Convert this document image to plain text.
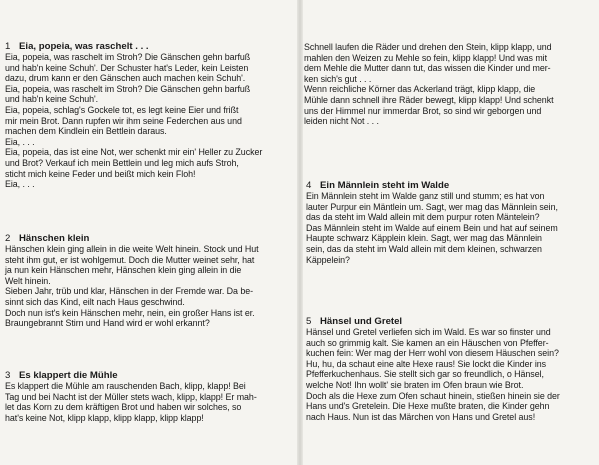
1 Eia, popeia, was raschelt . . .
Eia, popeia, was raschelt im Stroh? Die Gänschen gehn barfuß
und hab'n keine Schuh'. Der Schuster hat's Leder, kein Leisten
dazu, drum kann er den Gänschen auch machen kein Schuh'.
Eia, popeia, was raschelt im Stroh? Die Gänschen gehn barfuß
und hab'n keine Schuh'.
Eia, popeia, schlag's Gockele tot, es legt keine Eier und frißt
mir mein Brot. Dann rupfen wir ihm seine Federchen aus und
machen dem Kindlein ein Bettlein daraus.
Eia, . . .
Eia, popeia, das ist eine Not, wer schenkt mir ein' Heller zu Zucker
und Brot? Verkauf ich mein Bettlein und leg mich aufs Stroh,
sticht mich keine Feder und beißt mich kein Floh!
Eia, . . .
2 Hänschen klein
Hänschen klein ging allein in die weite Welt hinein. Stock und Hut
steht ihm gut, er ist wohlgemut. Doch die Mutter weinet sehr, hat
ja nun kein Hänschen mehr, Hänschen klein ging allein in die
Welt hinein.
Sieben Jahr, trüb und klar, Hänschen in der Fremde war. Da be-
sinnt sich das Kind, eilt nach Haus geschwind.
Doch nun ist's kein Hänschen mehr, nein, ein großer Hans ist er.
Braungebrannt Stirn und Hand wird er wohl erkannt?
3 Es klappert die Mühle
Es klappert die Mühle am rauschenden Bach, klipp, klapp! Bei
Tag und bei Nacht ist der Müller stets wach, klipp, klapp! Er mah-
let das Korn zu dem kräftigen Brot und haben wir solches, so
hat's keine Not, klipp klapp, klipp klapp, klipp klapp!
Schnell laufen die Räder und drehen den Stein, klipp klapp, und
mahlen den Weizen zu Mehle so fein, klipp klapp! Und was mit
dem Mehle die Mutter dann tut, das wissen die Kinder und mer-
ken sich's gut . . .
Wenn reichliche Körner das Ackerland trägt, klipp klapp, die
Mühle dann schnell ihre Räder bewegt, klipp klapp! Und schenkt
uns der Himmel nur immerdar Brot, so sind wir geborgen und
leiden nicht Not . . .
4 Ein Männlein steht im Walde
Ein Männlein steht im Walde ganz still und stumm; es hat von
lauter Purpur ein Mäntlein um. Sagt, wer mag das Männlein sein,
das da steht im Wald allein mit dem purpur roten Mäntelein?
Das Männlein steht im Walde auf einem Bein und hat auf seinem
Haupte schwarz Käpplein klein. Sagt, wer mag das Männlein
sein, das da steht im Wald allein mit dem kleinen, schwarzen
Käppelein?
5 Hänsel und Gretel
Hänsel und Gretel verliefen sich im Wald. Es war so finster und
auch so grimmig kalt. Sie kamen an ein Häuschen von Pfeffer-
kuchen fein: Wer mag der Herr wohl von diesem Häuschen sein?
Hu, hu, da schaut eine alte Hexe raus! Sie lockt die Kinder ins
Pfefferkuchenhaus. Sie stellt sich gar so freundlich, o Hänsel,
welche Not! Ihn wollt' sie braten im Ofen braun wie Brot.
Doch als die Hexe zum Ofen schaut hinein, stießen hinein sie der
Hans und's Gretelein. Die Hexe mußte braten, die Kinder gehn
nach Haus. Nun ist das Märchen von Hans und Gretel aus!
